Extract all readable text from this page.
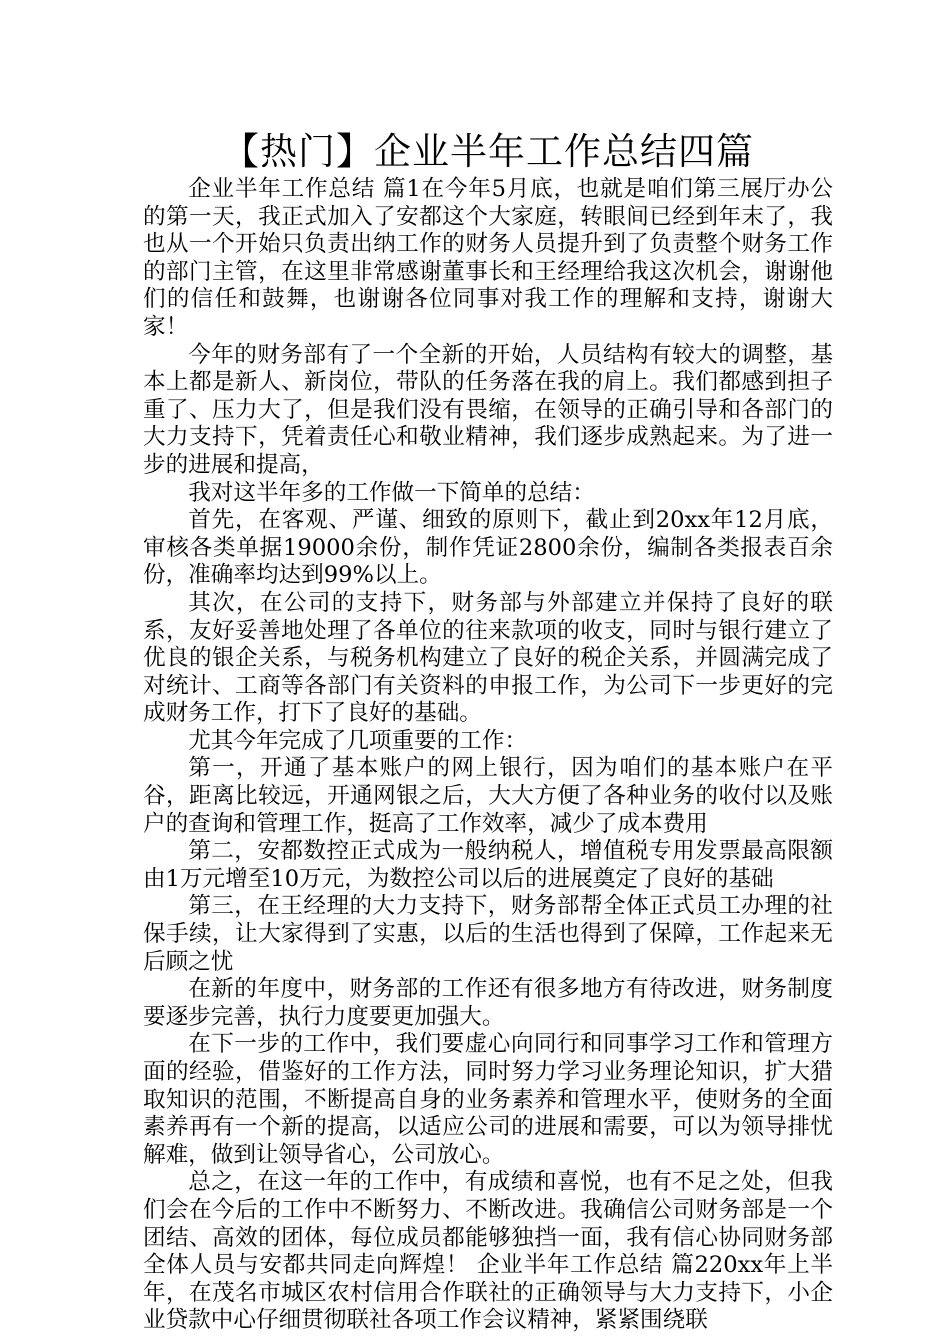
【热门】企业半年工作总结四篇

企业半年工作总结 篇1在今年5月底，也就是咱们第三展厅办公的第一天，我正式加入了安都这个大家庭，转眼间已经到年末了，我也从一个开始只负责出纳工作的财务人员提升到了负责整个财务工作的部门主管，在这里非常感谢董事长和王经理给我这次机会，谢谢他们的信任和鼓舞，也谢谢各位同事对我工作的理解和支持，谢谢大家！

今年的财务部有了一个全新的开始，人员结构有较大的调整，基本上都是新人、新岗位，带队的任务落在我的肩上。我们都感到担子重了、压力大了，但是我们没有畏缩，在领导的正确引导和各部门的大力支持下，凭着责任心和敬业精神，我们逐步成熟起来。为了进一步的进展和提高，

我对这半年多的工作做一下简单的总结：

首先，在客观、严谨、细致的原则下，截止到20xx年12月底，审核各类单据19000余份，制作凭证2800余份，编制各类报表百余份，准确率均达到99%以上。

其次，在公司的支持下，财务部与外部建立并保持了良好的联系，友好妥善地处理了各单位的往来款项的收支，同时与银行建立了优良的银企关系，与税务机构建立了良好的税企关系，并圆满完成了对统计、工商等各部门有关资料的申报工作，为公司下一步更好的完成财务工作，打下了良好的基础。

尤其今年完成了几项重要的工作：

第一，开通了基本账户的网上银行，因为咱们的基本账户在平谷，距离比较远，开通网银之后，大大方便了各种业务的收付以及账户的查询和管理工作，挺高了工作效率，减少了成本费用

第二，安都数控正式成为一般纳税人，增值税专用发票最高限额由1万元增至10万元，为数控公司以后的进展奠定了良好的基础

第三，在王经理的大力支持下，财务部帮全体正式员工办理的社保手续，让大家得到了实惠，以后的生活也得到了保障，工作起来无后顾之忧

在新的年度中，财务部的工作还有很多地方有待改进，财务制度要逐步完善，执行力度要更加强大。

在下一步的工作中，我们要虚心向同行和同事学习工作和管理方面的经验，借鉴好的工作方法，同时努力学习业务理论知识，扩大猎取知识的范围，不断提高自身的业务素养和管理水平，使财务的全面素养再有一个新的提高，以适应公司的进展和需要，可以为领导排忧解难，做到让领导省心，公司放心。

总之，在这一年的工作中，有成绩和喜悦，也有不足之处，但我们会在今后的工作中不断努力、不断改进。我确信公司财务部是一个团结、高效的团体，每位成员都能够独挡一面，我有信心协同财务部全体人员与安都共同走向辉煌！ 企业半年工作总结 篇220xx年上半年，在茂名市城区农村信用合作联社的正确领导与大力支持下，小企业贷款中心仔细贯彻联社各项工作会议精神，紧紧围绕联
